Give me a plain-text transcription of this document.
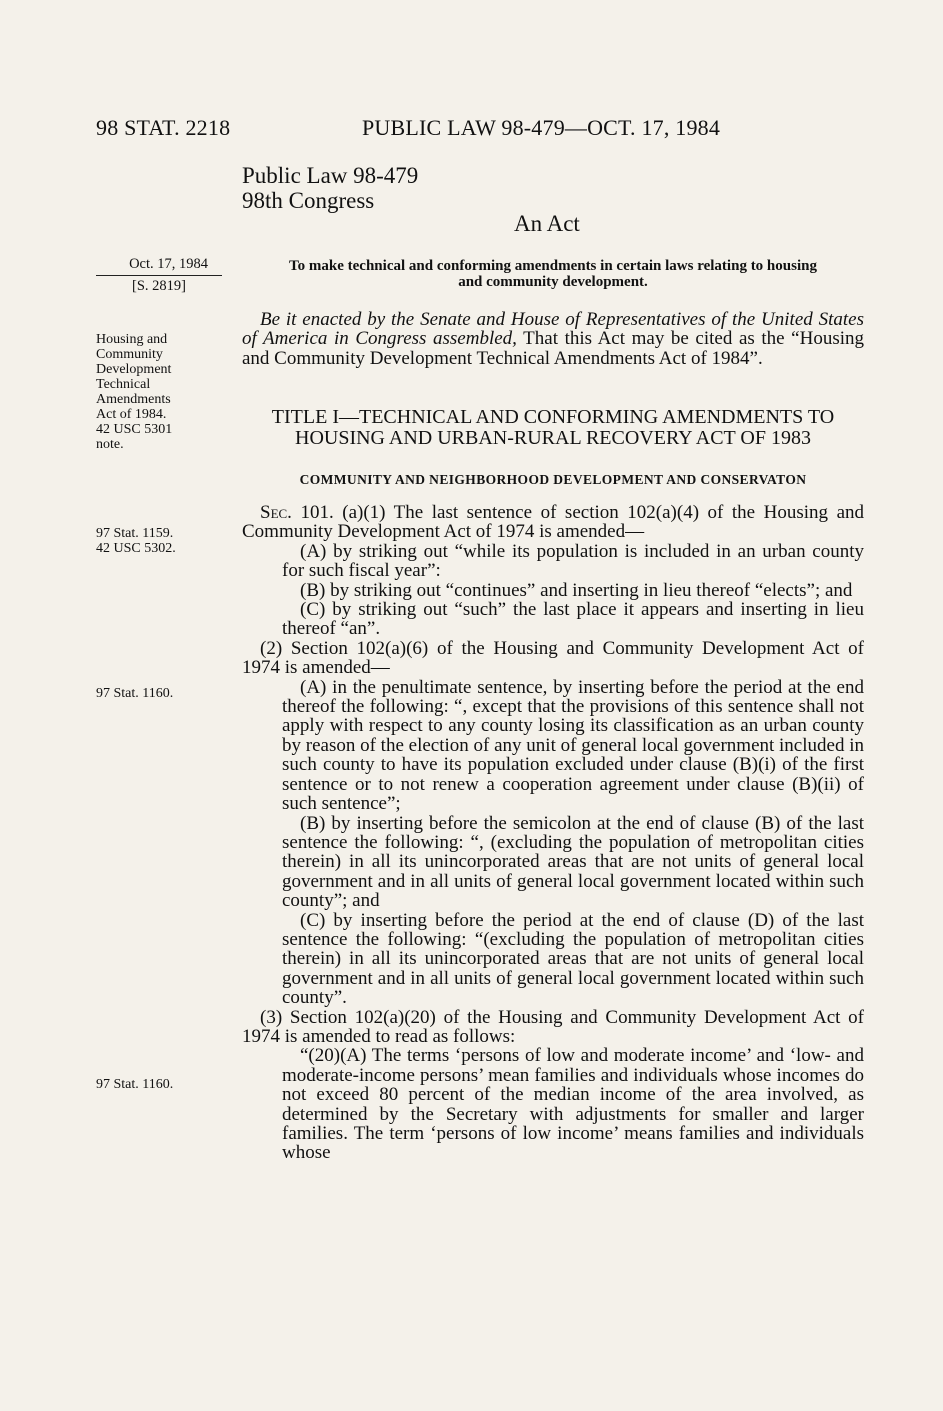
98 STAT. 2218	PUBLIC LAW 98-479—OCT. 17, 1984
Public Law 98-479
98th Congress
An Act
Oct. 17, 1984
[S. 2819]
To make technical and conforming amendments in certain laws relating to housing
and community development.
Housing and
Community
Development
Technical
Amendments
Act of 1984.
42 USC 5301
note.

Be it enacted by the Senate and House of Representatives of the United States of America in Congress assembled, That this Act may be cited as the “Housing and Community Development Technical Amendments Act of 1984”.

TITLE I—TECHNICAL AND CONFORMING AMENDMENTS TO
HOUSING AND URBAN-RURAL RECOVERY ACT OF 1983
COMMUNITY AND NEIGHBORHOOD DEVELOPMENT AND CONSERVATON
97 Stat. 1159.
42 USC 5302.
97 Stat. 1160.
97 Stat. 1160.

Sec. 101. (a)(1) The last sentence of section 102(a)(4) of the Housing and Community Development Act of 1974 is amended—

(A) by striking out “while its population is included in an urban county for such fiscal year”:

(B) by striking out “continues” and inserting in lieu thereof “elects”; and

(C) by striking out “such” the last place it appears and inserting in lieu thereof “an”.

(2) Section 102(a)(6) of the Housing and Community Development Act of 1974 is amended—

(A) in the penultimate sentence, by inserting before the period at the end thereof the following: “, except that the provisions of this sentence shall not apply with respect to any county losing its classification as an urban county by reason of the election of any unit of general local government included in such county to have its population excluded under clause (B)(i) of the first sentence or to not renew a cooperation agreement under clause (B)(ii) of such sentence”;

(B) by inserting before the semicolon at the end of clause (B) of the last sentence the following: “, (excluding the population of metropolitan cities therein) in all its unincorporated areas that are not units of general local government and in all units of general local government located within such county”; and

(C) by inserting before the period at the end of clause (D) of the last sentence the following: “(excluding the population of metropolitan cities therein) in all its unincorporated areas that are not units of general local government and in all units of general local government located within such county”.

(3) Section 102(a)(20) of the Housing and Community Development Act of 1974 is amended to read as follows:

“(20)(A) The terms ‘persons of low and moderate income’ and ‘low- and moderate-income persons’ mean families and individuals whose incomes do not exceed 80 percent of the median income of the area involved, as determined by the Secretary with adjustments for smaller and larger families. The term ‘persons of low income’ means families and individuals whose
